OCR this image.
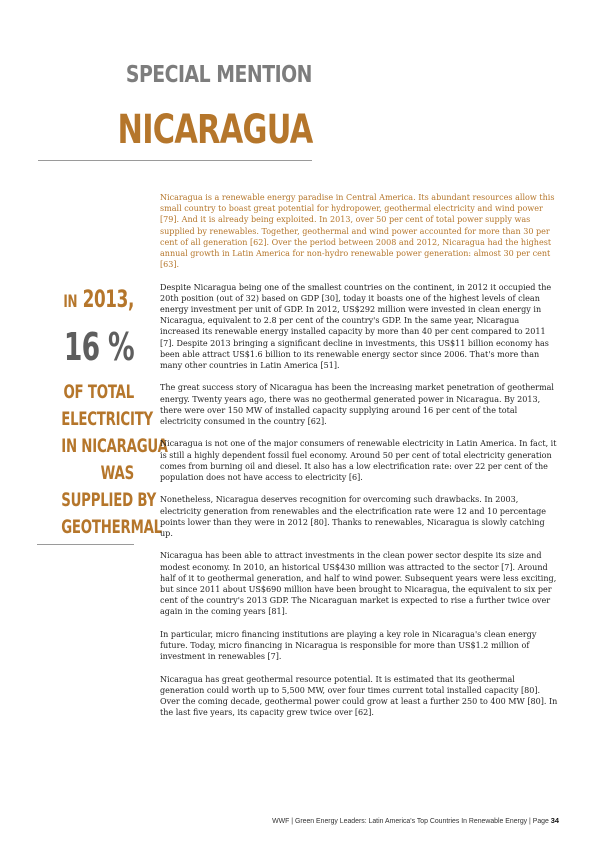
SPECIAL MENTION
NICARAGUA
IN 2013,
16 %
OF TOTAL
ELECTRICITY
IN NICARAGUA
WAS
SUPPLIED BY
GEOTHERMAL

Nicaragua is a renewable energy paradise in Central America. Its abundant resources allow this small country to boast great potential for hydropower, geothermal electricity and wind power [79]. And it is already being exploited. In 2013, over 50 per cent of total power supply was supplied by renewables. Together, geothermal and wind power accounted for more than 30 per cent of all generation [62]. Over the period between 2008 and 2012, Nicaragua had the highest annual growth in Latin America for non-hydro renewable power generation: almost 30 per cent [63].

Despite Nicaragua being one of the smallest countries on the continent, in 2012 it occupied the 20th position (out of 32) based on GDP [30], today it boasts one of the highest levels of clean energy investment per unit of GDP. In 2012, US$292 million were invested in clean energy in Nicaragua, equivalent to 2.8 per cent of the country's GDP. In the same year, Nicaragua increased its renewable energy installed capacity by more than 40 per cent compared to 2011 [7]. Despite 2013 bringing a significant decline in investments, this US$11 billion economy has been able attract US$1.6 billion to its renewable energy sector since 2006. That's more than many other countries in Latin America [51].

The great success story of Nicaragua has been the increasing market penetration of geothermal energy. Twenty years ago, there was no geothermal generated power in Nicaragua. By 2013, there were over 150 MW of installed capacity supplying around 16 per cent of the total electricity consumed in the country [62].

Nicaragua is not one of the major consumers of renewable electricity in Latin America. In fact, it is still a highly dependent fossil fuel economy. Around 50 per cent of total electricity generation comes from burning oil and diesel. It also has a low electrification rate: over 22 per cent of the population does not have access to electricity [6].

Nonetheless, Nicaragua deserves recognition for overcoming such drawbacks. In 2003, electricity generation from renewables and the electrification rate were 12 and 10 percentage points lower than they were in 2012 [80]. Thanks to renewables, Nicaragua is slowly catching up.

Nicaragua has been able to attract investments in the clean power sector despite its size and modest economy. In 2010, an historical US$430 million was attracted to the sector [7]. Around half of it to geothermal generation, and half to wind power. Subsequent years were less exciting, but since 2011 about US$690 million have been brought to Nicaragua, the equivalent to six per cent of the country's 2013 GDP. The Nicaraguan market is expected to rise a further twice over again in the coming years [81].

In particular, micro financing institutions are playing a key role in Nicaragua's clean energy future. Today, micro financing in Nicaragua is responsible for more than US$1.2 million of investment in renewables [7].

Nicaragua has great geothermal resource potential. It is estimated that its geothermal generation could worth up to 5,500 MW, over four times current total installed capacity [80]. Over the coming decade, geothermal power could grow at least a further 250 to 400 MW [80]. In the last five years, its capacity grew twice over [62].

WWF | Green Energy Leaders: Latin America's Top Countries In Renewable Energy | Page 34
